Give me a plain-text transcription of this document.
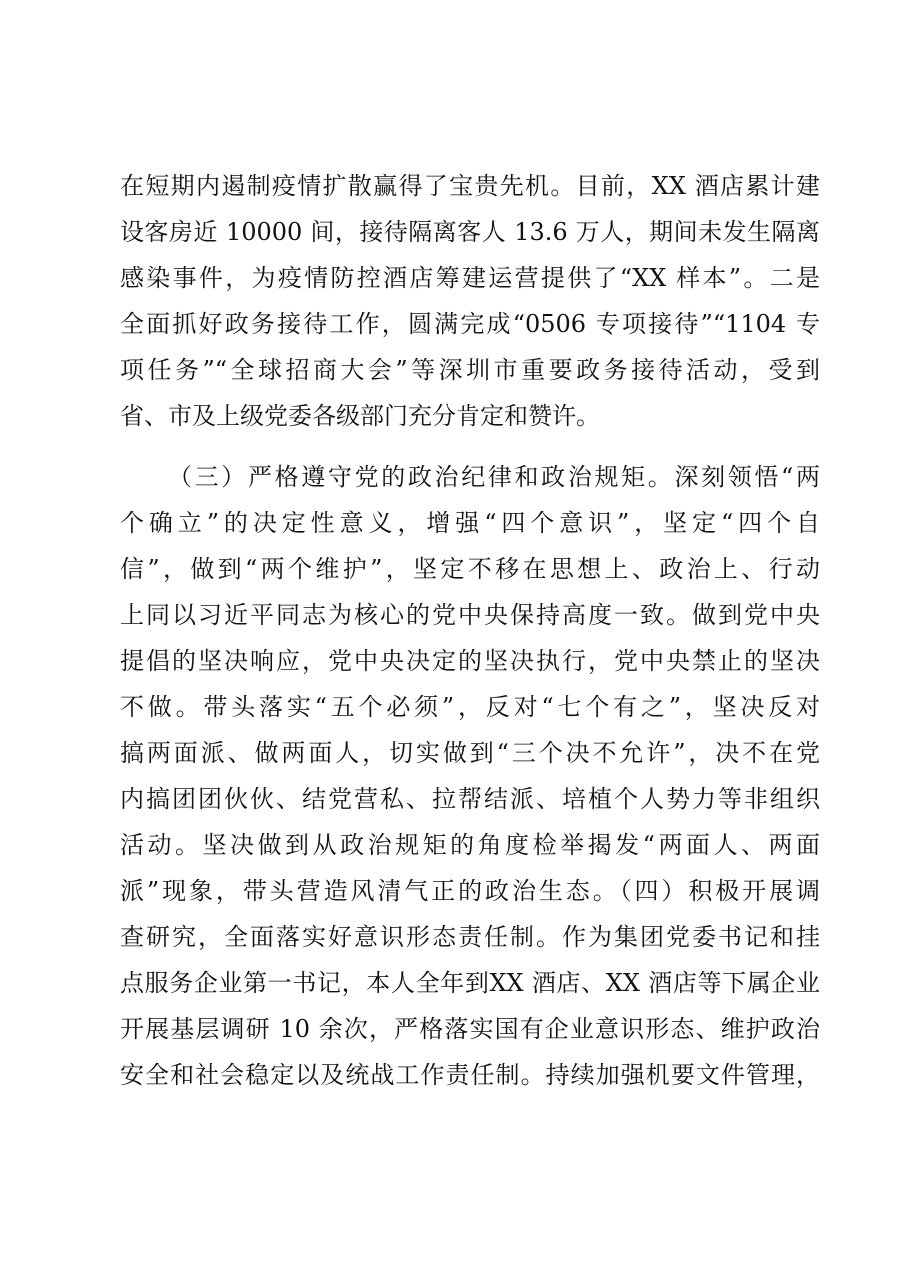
在短期内遏制疫情扩散赢得了宝贵先机。目前，XX 酒店累计建
设客房近 10000 间，接待隔离客人 13.6 万人，期间未发生隔离
感染事件，为疫情防控酒店筹建运营提供了“XX 样本”。二是
全面抓好政务接待工作，圆满完成“0506 专项接待”“1104 专
项任务”“全球招商大会”等深圳市重要政务接待活动，受到
省、市及上级党委各级部门充分肯定和赞许。
（三）严格遵守党的政治纪律和政治规矩。深刻领悟“两
个确立”的决定性意义，增强“四个意识”，坚定“四个自
信”，做到“两个维护”，坚定不移在思想上、政治上、行动
上同以习近平同志为核心的党中央保持高度一致。做到党中央
提倡的坚决响应，党中央决定的坚决执行，党中央禁止的坚决
不做。带头落实“五个必须”，反对“七个有之”，坚决反对
搞两面派、做两面人，切实做到“三个决不允许”，决不在党
内搞团团伙伙、结党营私、拉帮结派、培植个人势力等非组织
活动。坚决做到从政治规矩的角度检举揭发“两面人、两面
派”现象，带头营造风清气正的政治生态。（四）积极开展调
查研究，全面落实好意识形态责任制。作为集团党委书记和挂
点服务企业第一书记，本人全年到XX 酒店、XX 酒店等下属企业
开展基层调研 10 余次，严格落实国有企业意识形态、维护政治
安全和社会稳定以及统战工作责任制。持续加强机要文件管理，
